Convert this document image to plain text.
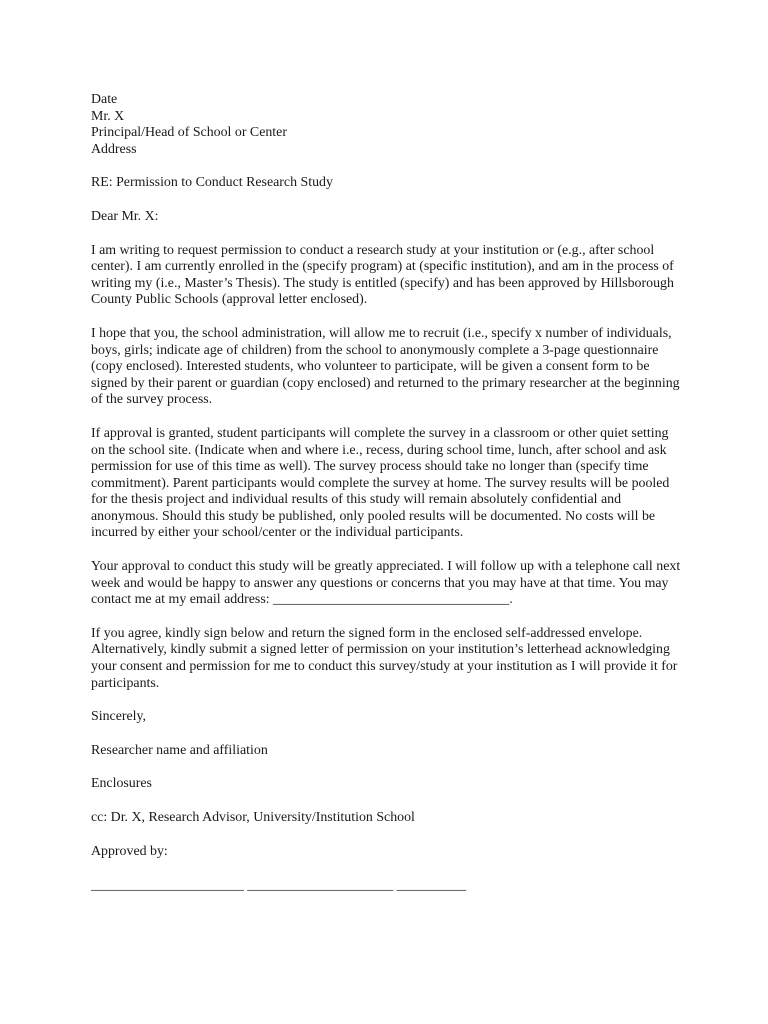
Date
Mr. X
Principal/Head of School or Center
Address
RE: Permission to Conduct Research Study
Dear Mr. X:
I am writing to request permission to conduct a research study at your institution or (e.g., after school
center). I am currently enrolled in the (specify program) at (specific institution), and am in the process of
writing my (i.e., Master’s Thesis). The study is entitled (specify) and has been approved by Hillsborough
County Public Schools (approval letter enclosed).
I hope that you, the school administration, will allow me to recruit (i.e., specify x number of individuals,
boys, girls; indicate age of children) from the school to anonymously complete a 3-page questionnaire
(copy enclosed). Interested students, who volunteer to participate, will be given a consent form to be
signed by their parent or guardian (copy enclosed) and returned to the primary researcher at the beginning
of the survey process.
If approval is granted, student participants will complete the survey in a classroom or other quiet setting
on the school site. (Indicate when and where i.e., recess, during school time, lunch, after school and ask
permission for use of this time as well). The survey process should take no longer than (specify time
commitment). Parent participants would complete the survey at home. The survey results will be pooled
for the thesis project and individual results of this study will remain absolutely confidential and
anonymous. Should this study be published, only pooled results will be documented. No costs will be
incurred by either your school/center or the individual participants.
Your approval to conduct this study will be greatly appreciated. I will follow up with a telephone call next
week and would be happy to answer any questions or concerns that you may have at that time. You may
contact me at my email address: __________________________________.
If you agree, kindly sign below and return the signed form in the enclosed self-addressed envelope.
Alternatively, kindly submit a signed letter of permission on your institution’s letterhead acknowledging
your consent and permission for me to conduct this survey/study at your institution as I will provide it for
participants.
Sincerely,
Researcher name and affiliation
Enclosures
cc: Dr. X, Research Advisor, University/Institution School
Approved by:
______________________ _____________________ __________
